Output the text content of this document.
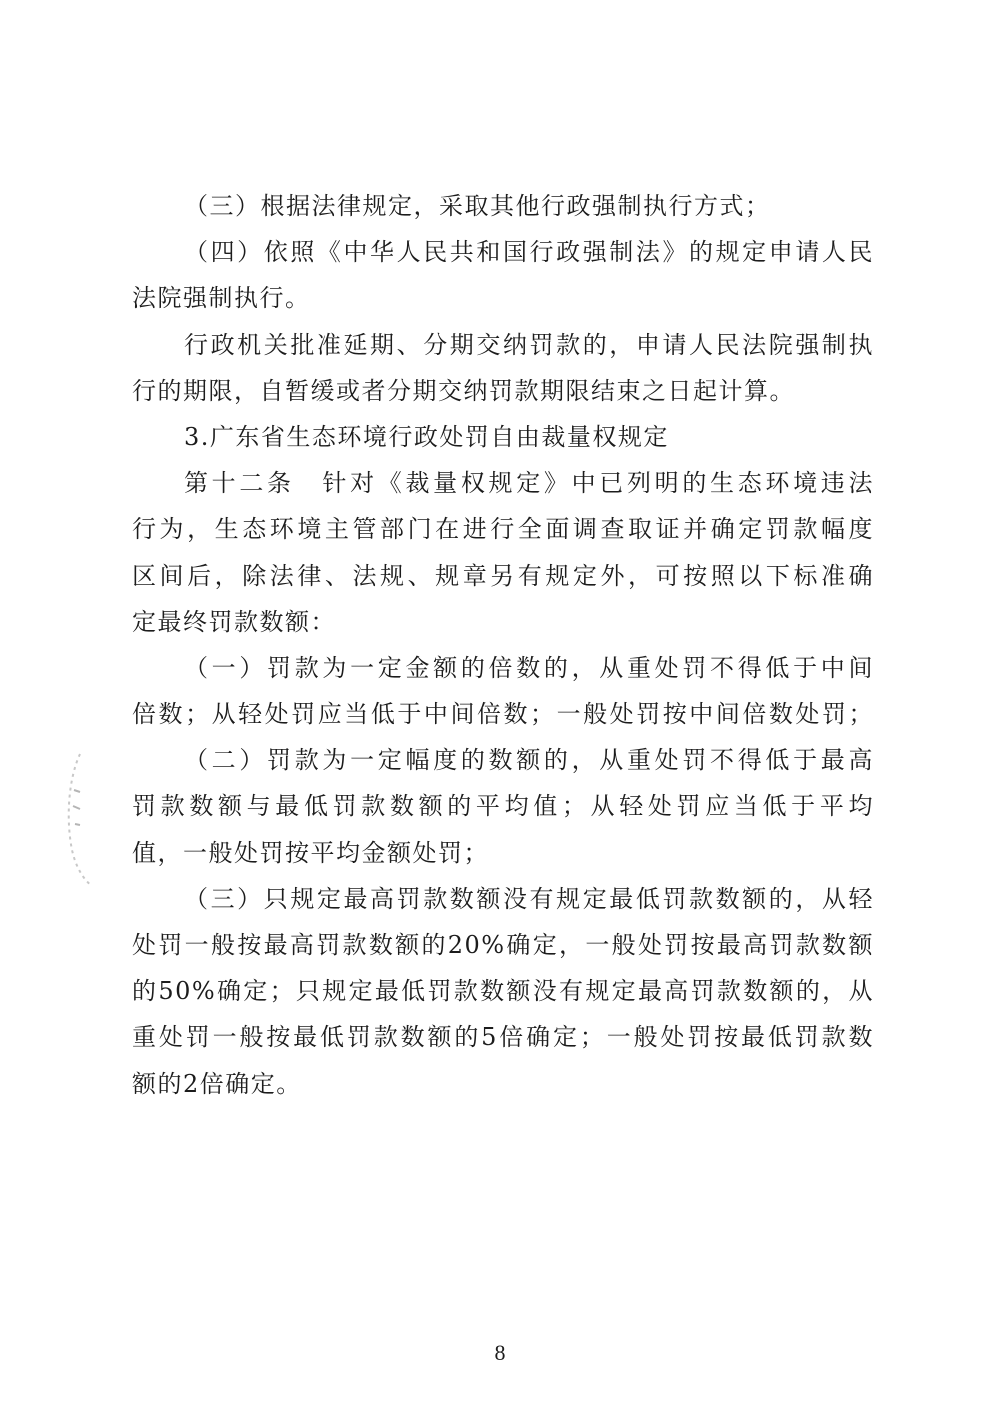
（三）根据法律规定，采取其他行政强制执行方式；
（四）依照《中华人民共和国行政强制法》的规定申请人民
法院强制执行。
行政机关批准延期、分期交纳罚款的，申请人民法院强制执
行的期限，自暂缓或者分期交纳罚款期限结束之日起计算。
3.广东省生态环境行政处罚自由裁量权规定
第十二条　针对《裁量权规定》中已列明的生态环境违法
行为，生态环境主管部门在进行全面调查取证并确定罚款幅度
区间后，除法律、法规、规章另有规定外，可按照以下标准确
定最终罚款数额：
（一）罚款为一定金额的倍数的，从重处罚不得低于中间
倍数；从轻处罚应当低于中间倍数；一般处罚按中间倍数处罚；
（二）罚款为一定幅度的数额的，从重处罚不得低于最高
罚款数额与最低罚款数额的平均值；从轻处罚应当低于平均
值，一般处罚按平均金额处罚；
（三）只规定最高罚款数额没有规定最低罚款数额的，从轻
处罚一般按最高罚款数额的20%确定，一般处罚按最高罚款数额
的50%确定；只规定最低罚款数额没有规定最高罚款数额的，从
重处罚一般按最低罚款数额的5倍确定；一般处罚按最低罚款数
额的2倍确定。
8
